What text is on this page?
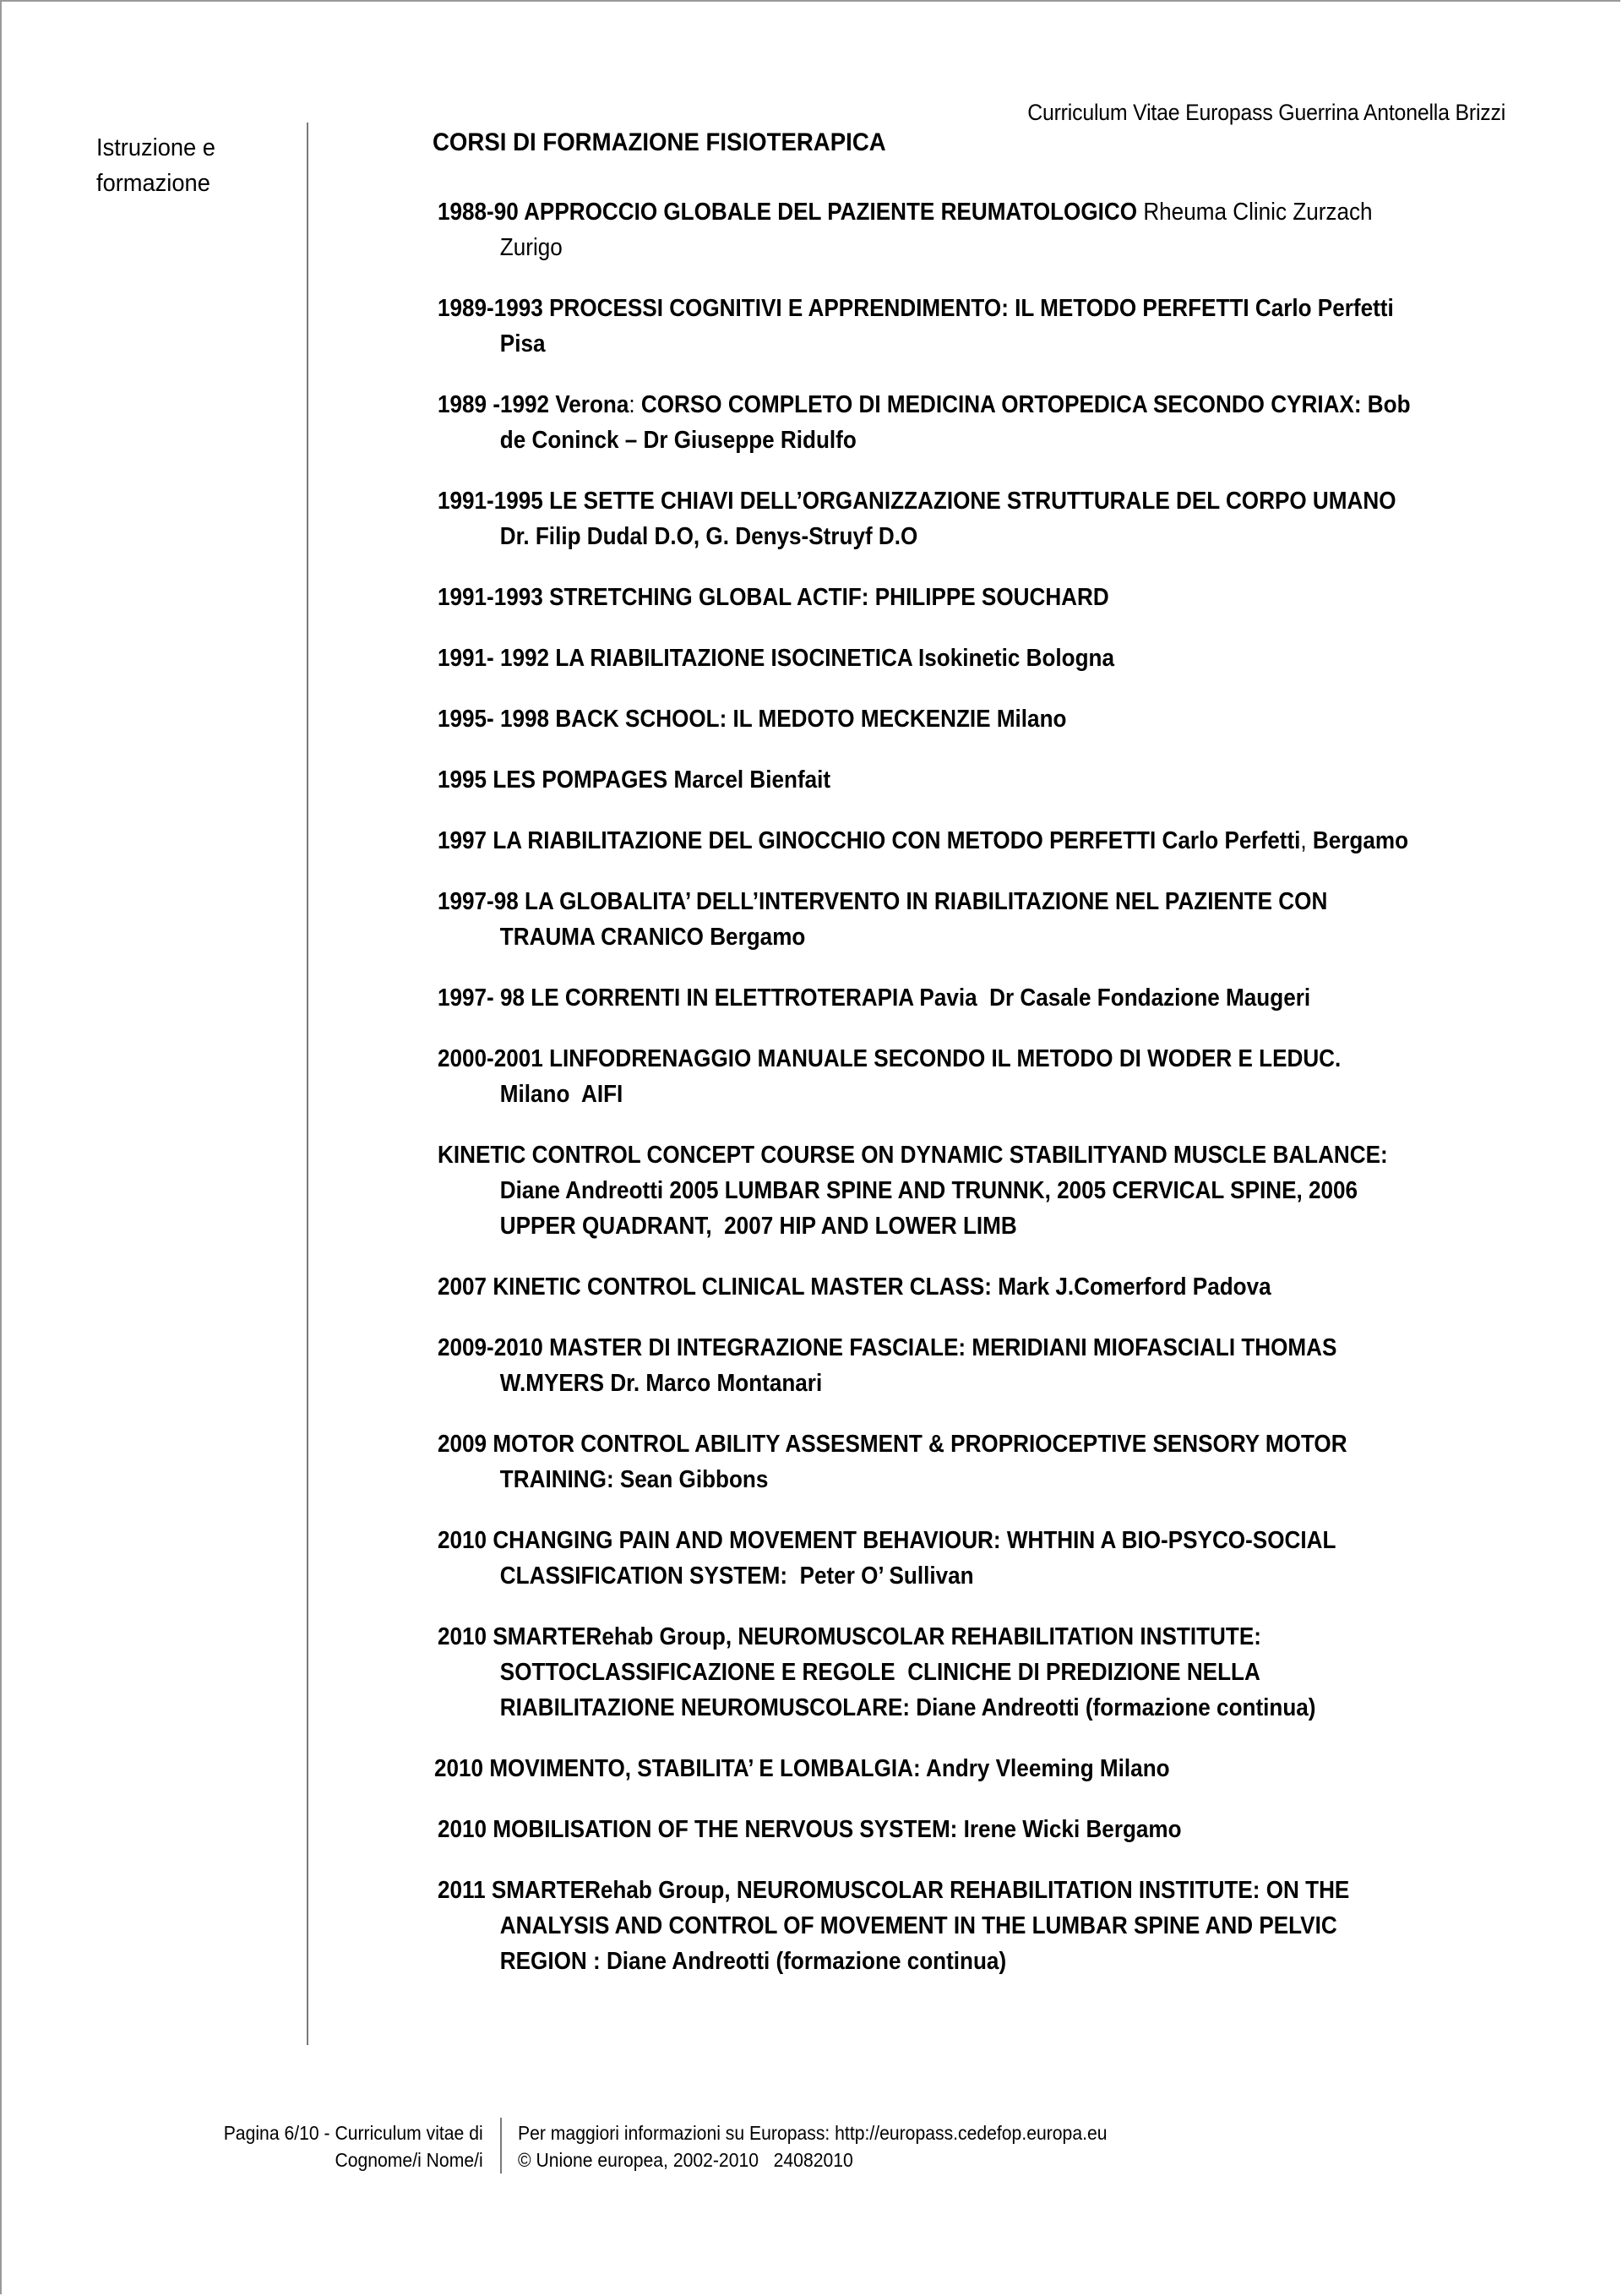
Curriculum Vitae Europass Guerrina Antonella Brizzi
Istruzione e
formazione
CORSI DI FORMAZIONE FISIOTERAPICA
1988-90 APPROCCIO GLOBALE DEL PAZIENTE REUMATOLOGICO Rheuma Clinic Zurzach
Zurigo
1989-1993 PROCESSI COGNITIVI E APPRENDIMENTO: IL METODO PERFETTI Carlo Perfetti
Pisa
1989 -1992 Verona: CORSO COMPLETO DI MEDICINA ORTOPEDICA SECONDO CYRIAX: Bob
de Coninck – Dr Giuseppe Ridulfo
1991-1995 LE SETTE CHIAVI DELL’ORGANIZZAZIONE STRUTTURALE DEL CORPO UMANO
Dr. Filip Dudal D.O, G. Denys-Struyf D.O
1991-1993 STRETCHING GLOBAL ACTIF: PHILIPPE SOUCHARD
1991- 1992 LA RIABILITAZIONE ISOCINETICA Isokinetic Bologna
1995- 1998 BACK SCHOOL: IL MEDOTO MECKENZIE Milano
1995 LES POMPAGES Marcel Bienfait
1997 LA RIABILITAZIONE DEL GINOCCHIO CON METODO PERFETTI Carlo Perfetti, Bergamo
1997-98 LA GLOBALITA’ DELL’INTERVENTO IN RIABILITAZIONE NEL PAZIENTE CON
TRAUMA CRANICO Bergamo
1997- 98 LE CORRENTI IN ELETTROTERAPIA Pavia  Dr Casale Fondazione Maugeri
2000-2001 LINFODRENAGGIO MANUALE SECONDO IL METODO DI WODER E LEDUC.
Milano  AIFI
KINETIC CONTROL CONCEPT COURSE ON DYNAMIC STABILITYAND MUSCLE BALANCE:
Diane Andreotti 2005 LUMBAR SPINE AND TRUNNK, 2005 CERVICAL SPINE, 2006
UPPER QUADRANT,  2007 HIP AND LOWER LIMB
2007 KINETIC CONTROL CLINICAL MASTER CLASS: Mark J.Comerford Padova
2009-2010 MASTER DI INTEGRAZIONE FASCIALE: MERIDIANI MIOFASCIALI THOMAS
W.MYERS Dr. Marco Montanari
2009 MOTOR CONTROL ABILITY ASSESMENT & PROPRIOCEPTIVE SENSORY MOTOR
TRAINING: Sean Gibbons
2010 CHANGING PAIN AND MOVEMENT BEHAVIOUR: WHTHIN A BIO-PSYCO-SOCIAL
CLASSIFICATION SYSTEM:  Peter O’ Sullivan
2010 SMARTERehab Group, NEUROMUSCOLAR REHABILITATION INSTITUTE:
SOTTOCLASSIFICAZIONE E REGOLE  CLINICHE DI PREDIZIONE NELLA
RIABILITAZIONE NEUROMUSCOLARE: Diane Andreotti (formazione continua)
2010 MOVIMENTO, STABILITA’ E LOMBALGIA: Andry Vleeming Milano
2010 MOBILISATION OF THE NERVOUS SYSTEM: Irene Wicki Bergamo
2011 SMARTERehab Group, NEUROMUSCOLAR REHABILITATION INSTITUTE: ON THE
ANALYSIS AND CONTROL OF MOVEMENT IN THE LUMBAR SPINE AND PELVIC
REGION : Diane Andreotti (formazione continua)
Pagina 6/10 - Curriculum vitae di
Cognome/i Nome/i
Per maggiori informazioni su Europass: http://europass.cedefop.europa.eu
© Unione europea, 2002-2010   24082010
